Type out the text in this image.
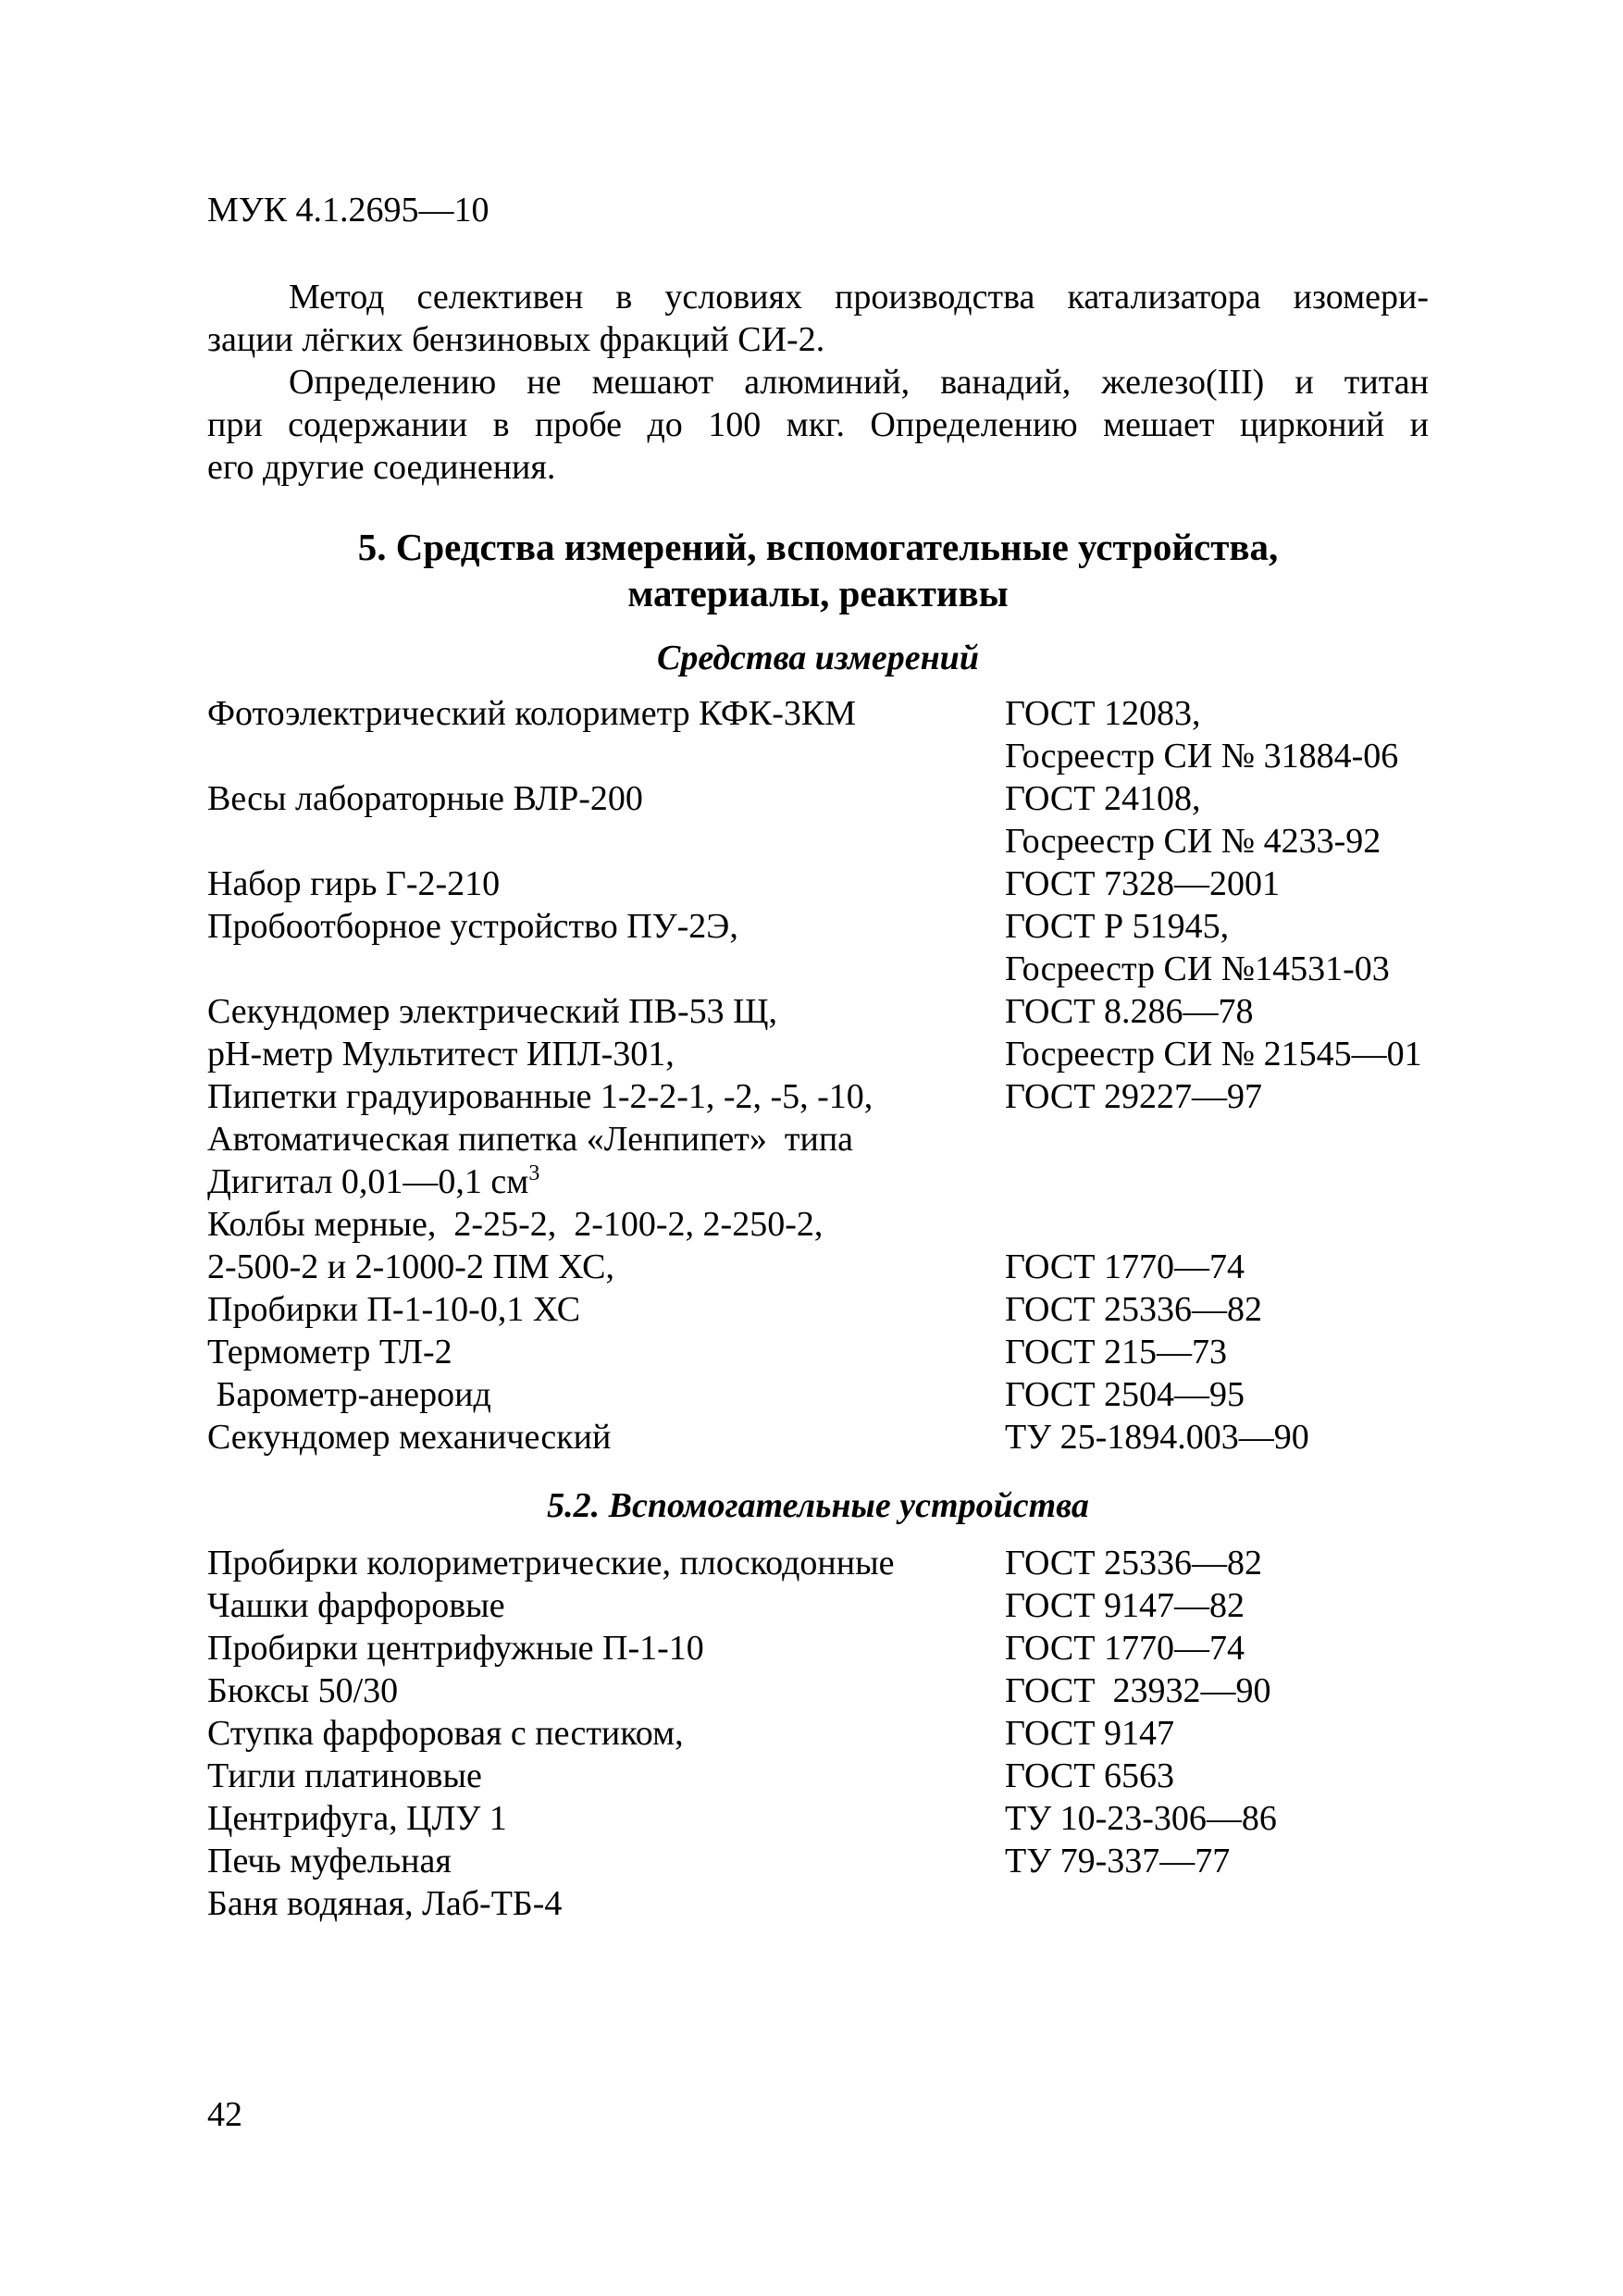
МУК 4.1.2695—10
Метод селективен в условиях производства катализатора изомери-
зации лёгких бензиновых фракций СИ-2.
Определению не мешают алюминий, ванадий, железо(III) и титан
при содержании в пробе до 100 мкг. Определению мешает цирконий и
его другие соединения.
5. Средства измерений, вспомогательные устройства,
материалы, реактивы
Средства измерений
Фотоэлектрический колориметр КФК-3КМ	ГОСТ 12083,
Госреестр СИ № 31884-06
Весы лабораторные ВЛР-200	ГОСТ 24108,
Госреестр СИ № 4233-92
Набор гирь Г-2-210	ГОСТ 7328—2001
Пробоотборное устройство ПУ-2Э,	ГОСТ Р 51945,
Госреестр СИ №14531-03
Секундомер электрический ПВ-53 Щ,	ГОСТ 8.286—78
pH-метр Мультитест ИПЛ-301,	Госреестр СИ № 21545—01
Пипетки градуированные 1-2-2-1, -2, -5, -10,	ГОСТ 29227—97
Автоматическая пипетка «Ленпипет»  типа
Дигитал 0,01—0,1 $см^3$
Колбы мерные,  2-25-2,  2-100-2, 2-250-2,
2-500-2 и 2-1000-2 ПМ ХС,	ГОСТ 1770—74
Пробирки П-1-10-0,1 ХС	ГОСТ 25336—82
Термометр ТЛ-2	ГОСТ 215—73
Барометр-анероид	ГОСТ 2504—95
Секундомер механический	ТУ 25-1894.003—90
5.2. Вспомогательные устройства
Пробирки колориметрические, плоскодонные	ГОСТ 25336—82
Чашки фарфоровые	ГОСТ 9147—82
Пробирки центрифужные П-1-10	ГОСТ 1770—74
Бюксы 50/30	ГОСТ  23932—90
Ступка фарфоровая с пестиком,	ГОСТ 9147
Тигли платиновые	ГОСТ 6563
Центрифуга, ЦЛУ 1	ТУ 10-23-306—86
Печь муфельная	ТУ 79-337—77
Баня водяная, Лаб-ТБ-4
42
